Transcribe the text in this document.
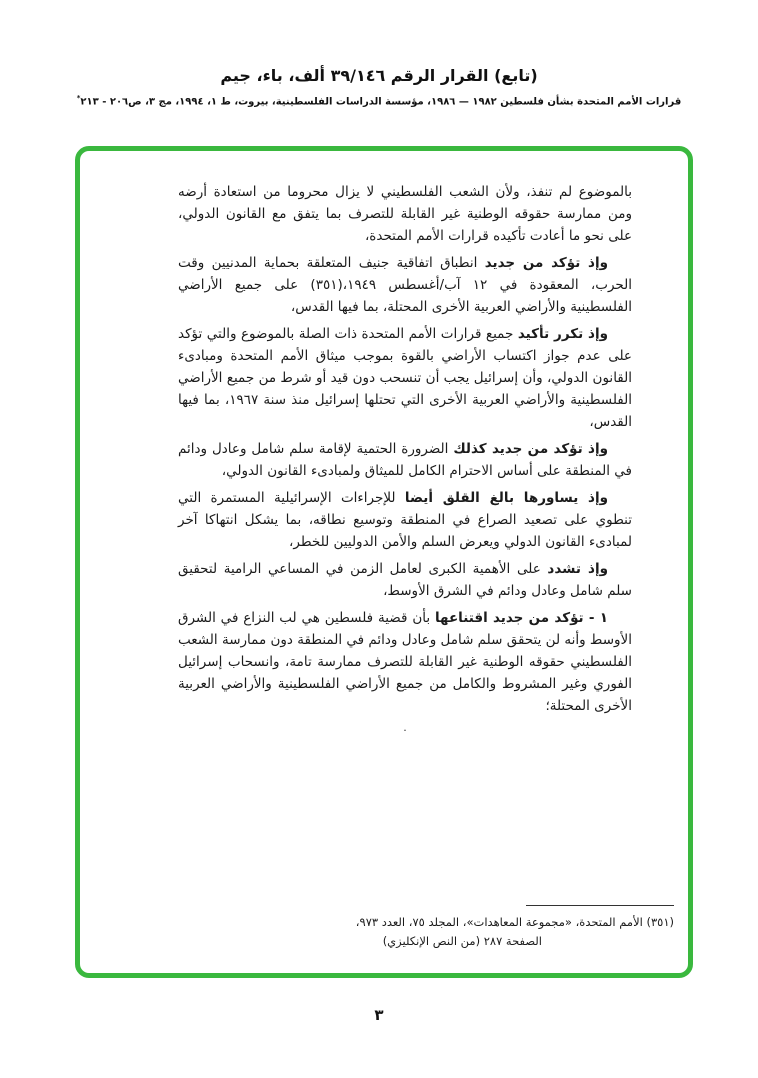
(تابع) القرار الرقم ٣٩/١٤٦ ألف، باء، جيم
قرارات الأمم المتحدة بشأن فلسطين ١٩٨٢ — ١٩٨٦، مؤسسة الدراسات الفلسطينية، بيروت، ط ١، ١٩٩٤، مج ٣، ص٢٠٦ - ٢١٣*

بالموضوع لم تنفذ، ولأن الشعب الفلسطيني لا يزال محروما من استعادة أرضه ومن ممارسة حقوقه الوطنية غير القابلة للتصرف بما يتفق مع القانون الدولي، على نحو ما أعادت تأكيده قرارات الأمم المتحدة،

وإذ تؤكد من جديد انطباق اتفاقية جنيف المتعلقة بحماية المدنيين وقت الحرب، المعقودة في ١٢ آب/أغسطس ١٩٤٩،(٣٥١) على جميع الأراضي الفلسطينية والأراضي العربية الأخرى المحتلة، بما فيها القدس،

وإذ تكرر تأكيد جميع قرارات الأمم المتحدة ذات الصلة بالموضوع والتي تؤكد على عدم جواز اكتساب الأراضي بالقوة بموجب ميثاق الأمم المتحدة ومبادىء القانون الدولي، وأن إسرائيل يجب أن تنسحب دون قيد أو شرط من جميع الأراضي الفلسطينية والأراضي العربية الأخرى التي تحتلها إسرائيل منذ سنة ١٩٦٧، بما فيها القدس،

وإذ تؤكد من جديد كذلك الضرورة الحتمية لإقامة سلم شامل وعادل ودائم في المنطقة على أساس الاحترام الكامل للميثاق ولمبادىء القانون الدولي،

وإذ يساورها بالغ القلق أيضا للإجراءات الإسرائيلية المستمرة التي تنطوي على تصعيد الصراع في المنطقة وتوسيع نطاقه، بما يشكل انتهاكا آخر لمبادىء القانون الدولي ويعرض السلم والأمن الدوليين للخطر،

وإذ تشدد على الأهمية الكبرى لعامل الزمن في المساعي الرامية لتحقيق سلم شامل وعادل ودائم في الشرق الأوسط،

١ - تؤكد من جديد اقتناعها بأن قضية فلسطين هي لب النزاع في الشرق الأوسط وأنه لن يتحقق سلم شامل وعادل ودائم في المنطقة دون ممارسة الشعب الفلسطيني حقوقه الوطنية غير القابلة للتصرف ممارسة تامة، وانسحاب إسرائيل الفوري وغير المشروط والكامل من جميع الأراضي الفلسطينية والأراضي العربية الأخرى المحتلة؛

.
(٣٥١) الأمم المتحدة، «مجموعة المعاهدات»، المجلد ٧٥، العدد ٩٧٣،
الصفحة ٢٨٧ (من النص الإنكليزي)
٣
